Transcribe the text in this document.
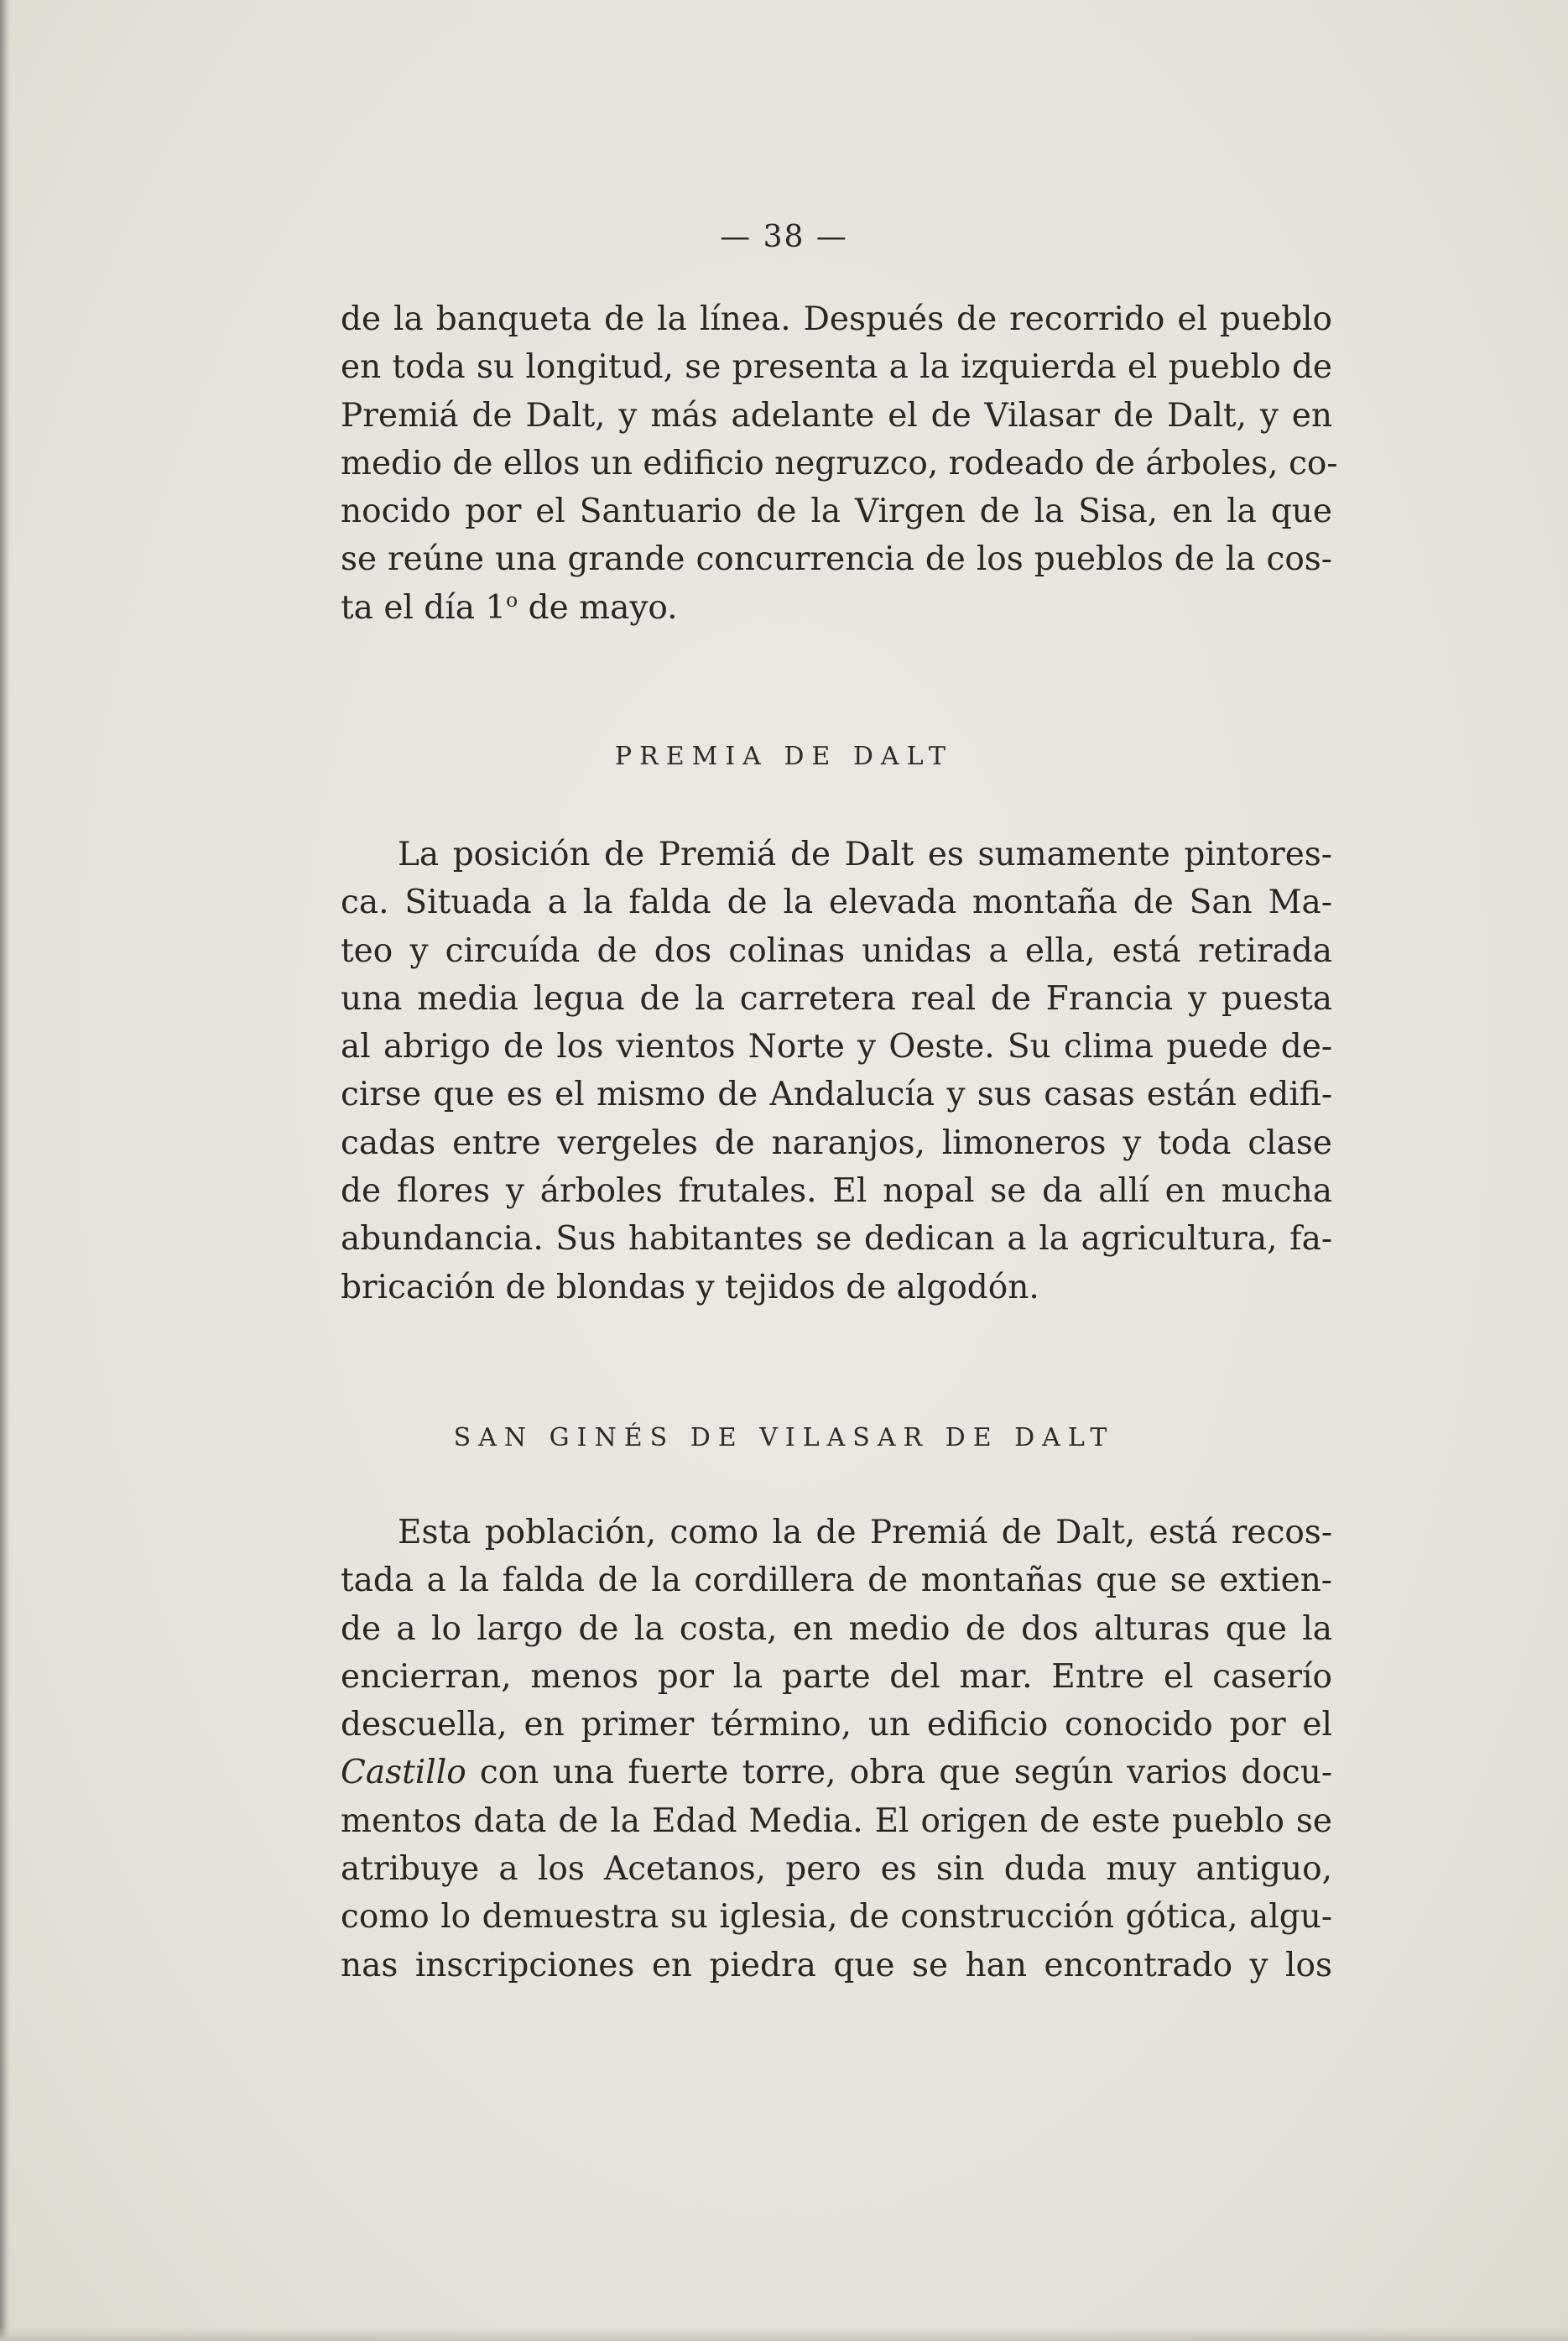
— 38 —
de la banqueta de la línea. Después de recorrido el pueblo
en toda su longitud, se presenta a la izquierda el pueblo de
Premiá de Dalt, y más adelante el de Vilasar de Dalt, y en
medio de ellos un edificio negruzco, rodeado de árboles, co-
nocido por el Santuario de la Virgen de la Sisa, en la que
se reúne una grande concurrencia de los pueblos de la cos-
ta el día 1$^o$ de mayo.
PREMIA DE DALT
La posición de Premiá de Dalt es sumamente pintores-
ca. Situada a la falda de la elevada montaña de San Ma-
teo y circuída de dos colinas unidas a ella, está retirada
una media legua de la carretera real de Francia y puesta
al abrigo de los vientos Norte y Oeste. Su clima puede de-
cirse que es el mismo de Andalucía y sus casas están edifi-
cadas entre vergeles de naranjos, limoneros y toda clase
de flores y árboles frutales. El nopal se da allí en mucha
abundancia. Sus habitantes se dedican a la agricultura, fa-
bricación de blondas y tejidos de algodón.
SAN GINÉS DE VILASAR DE DALT
Esta población, como la de Premiá de Dalt, está recos-
tada a la falda de la cordillera de montañas que se extien-
de a lo largo de la costa, en medio de dos alturas que la
encierran, menos por la parte del mar. Entre el caserío
descuella, en primer término, un edificio conocido por el
Castillo con una fuerte torre, obra que según varios docu-
mentos data de la Edad Media. El origen de este pueblo se
atribuye a los Acetanos, pero es sin duda muy antiguo,
como lo demuestra su iglesia, de construcción gótica, algu-
nas inscripciones en piedra que se han encontrado y los
